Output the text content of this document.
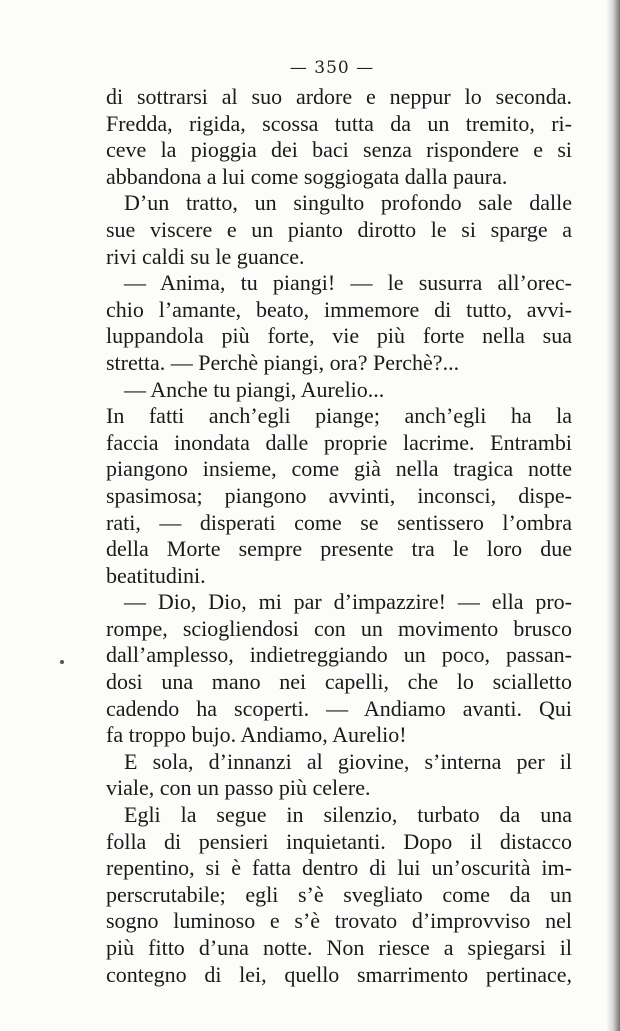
— 350 —
di sottrarsi al suo ardore e neppur lo seconda.
Fredda, rigida, scossa tutta da un tremito, ri-
ceve la pioggia dei baci senza rispondere e si
abbandona a lui come soggiogata dalla paura.
D’un tratto, un singulto profondo sale dalle
sue viscere e un pianto dirotto le si sparge a
rivi caldi su le guance.
— Anima, tu piangi! — le susurra all’orec-
chio l’amante, beato, immemore di tutto, avvi-
luppandola più forte, vie più forte nella sua
stretta. — Perchè piangi, ora? Perchè?...
— Anche tu piangi, Aurelio...
In fatti anch’egli piange; anch’egli ha la
faccia inondata dalle proprie lacrime. Entrambi
piangono insieme, come già nella tragica notte
spasimosa; piangono avvinti, inconsci, dispe-
rati, — disperati come se sentissero l’ombra
della Morte sempre presente tra le loro due
beatitudini.
— Dio, Dio, mi par d’impazzire! — ella pro-
rompe, sciogliendosi con un movimento brusco
dall’amplesso, indietreggiando un poco, passan-
dosi una mano nei capelli, che lo scialletto
cadendo ha scoperti. — Andiamo avanti. Qui
fa troppo bujo. Andiamo, Aurelio!
E sola, d’innanzi al giovine, s’interna per il
viale, con un passo più celere.
Egli la segue in silenzio, turbato da una
folla di pensieri inquietanti. Dopo il distacco
repentino, si è fatta dentro di lui un’oscurità im-
perscrutabile; egli s’è svegliato come da un
sogno luminoso e s’è trovato d’improvviso nel
più fitto d’una notte. Non riesce a spiegarsi il
contegno di lei, quello smarrimento pertinace,
